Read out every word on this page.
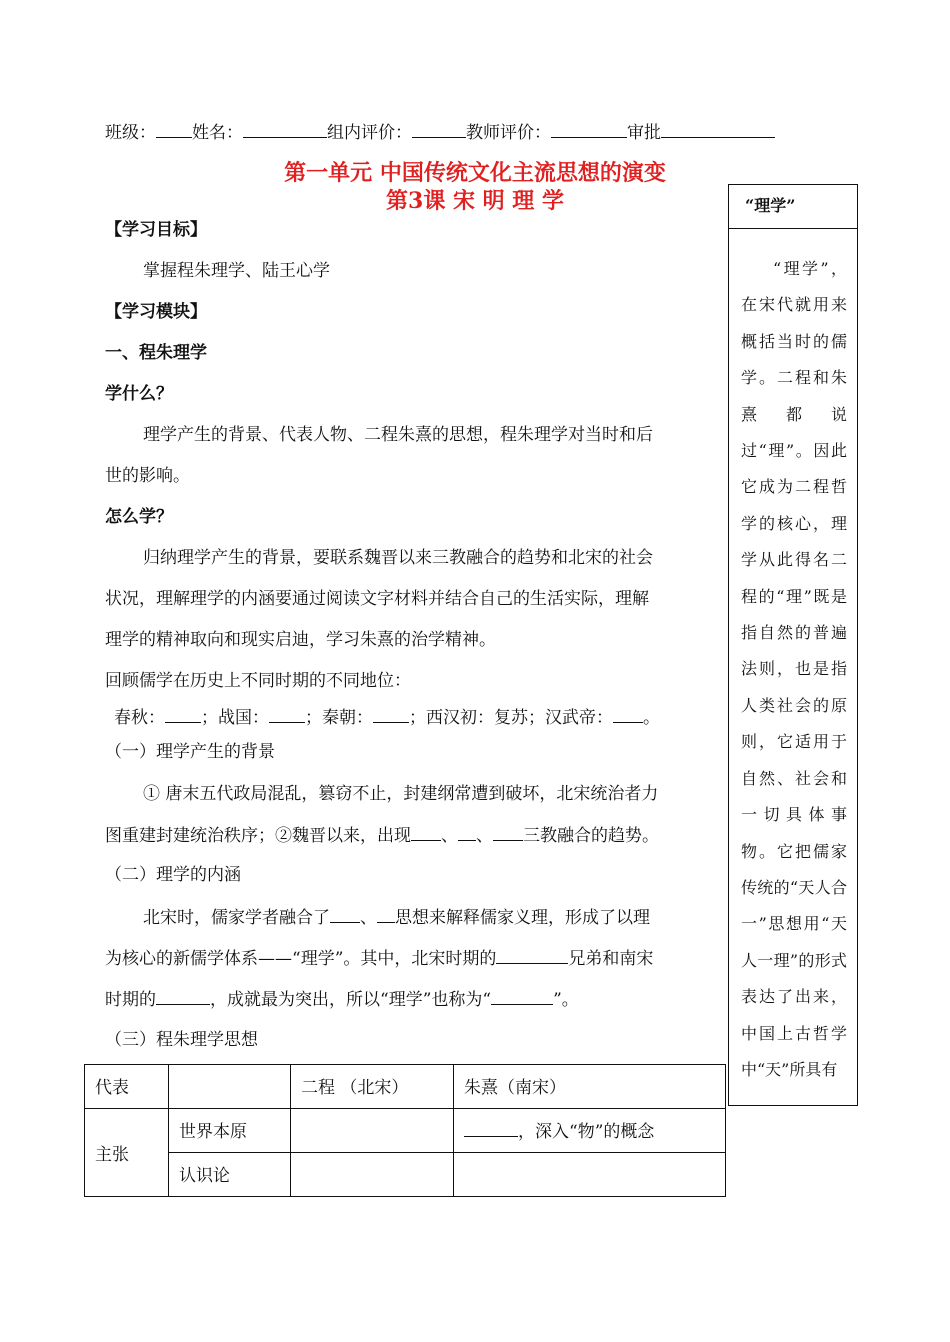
班级： 姓名：	组内评价：	教师评价：	审批
第一单元 中国传统文化主流思想的演变
第3课 宋 明 理 学	“理学”

“理学”，在宋代就用来概括当时的儒学。二程和朱熹都说过“理”。因此它成为二程哲学的核心，理学从此得名二程的“理”既是指自然的普遍法则，也是指人类社会的原则，它适用于自然、社会和一切具体事物。它把儒家传统的“天人合一”思想用“天人一理”的形式表达了出来，中国上古哲学中“天”所具有

【学习目标】
掌握程朱理学、陆王心学
【学习模块】
一、程朱理学
学什么？
理学产生的背景、代表人物、二程朱熹的思想，程朱理学对当时和后
世的影响。
怎么学？
归纳理学产生的背景，要联系魏晋以来三教融合的趋势和北宋的社会
状况，理解理学的内涵要通过阅读文字材料并结合自己的生活实际，理解
理学的精神取向和现实启迪，学习朱熹的治学精神。
回顾儒学在历史上不同时期的不同地位：
春秋： ；战国： ；秦朝： ；西汉初：复苏；汉武帝： 。
（一）理学产生的背景
① 唐末五代政局混乱，篡窃不止，封建纲常遭到破坏，北宋统治者力
图重建封建统治秩序；②魏晋以来，出现 、 、 三教融合的趋势。
（二）理学的内涵
北宋时，儒家学者融合了 、 思想来解释儒家义理，形成了以理
为核心的新儒学体系——“理学”。其中，北宋时期的	兄弟和南宋
时期的	，成就最为突出，所以“理学”也称为“	”。
（三）程朱理学思想
代表		二程 （北宋）	朱熹（南宋）
主张	世界本原		，深入“物”的概念
	认识论		
